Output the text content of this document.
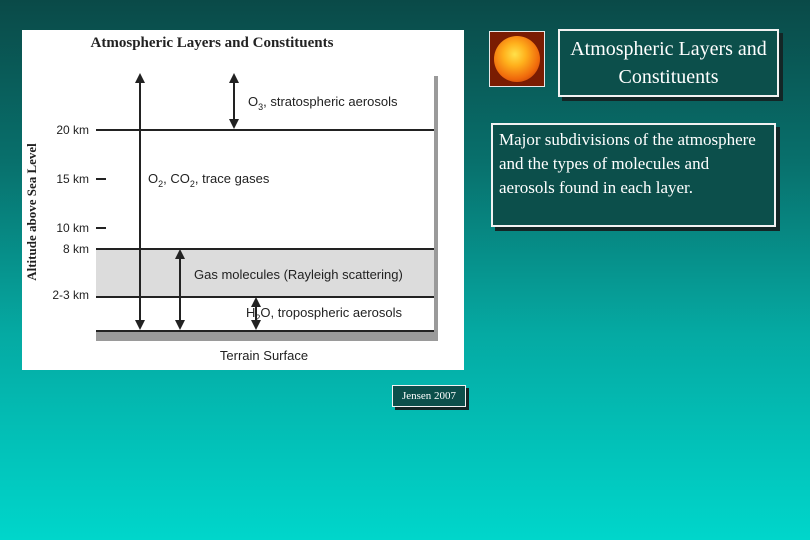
Atmospheric Layers and Constituents
Altitude above Sea Level
20 km
15 km
10 km
8 km
2-3 km
$O_3$, stratospheric aerosols
$O_2$, $CO_2$, trace gases
Gas molecules (Rayleigh scattering)
$H_2O$, tropospheric aerosols
Terrain Surface
Atmospheric Layers and Constituents
Major subdivisions of the atmosphere and the types of molecules and aerosols found in each layer.
Jensen 2007
